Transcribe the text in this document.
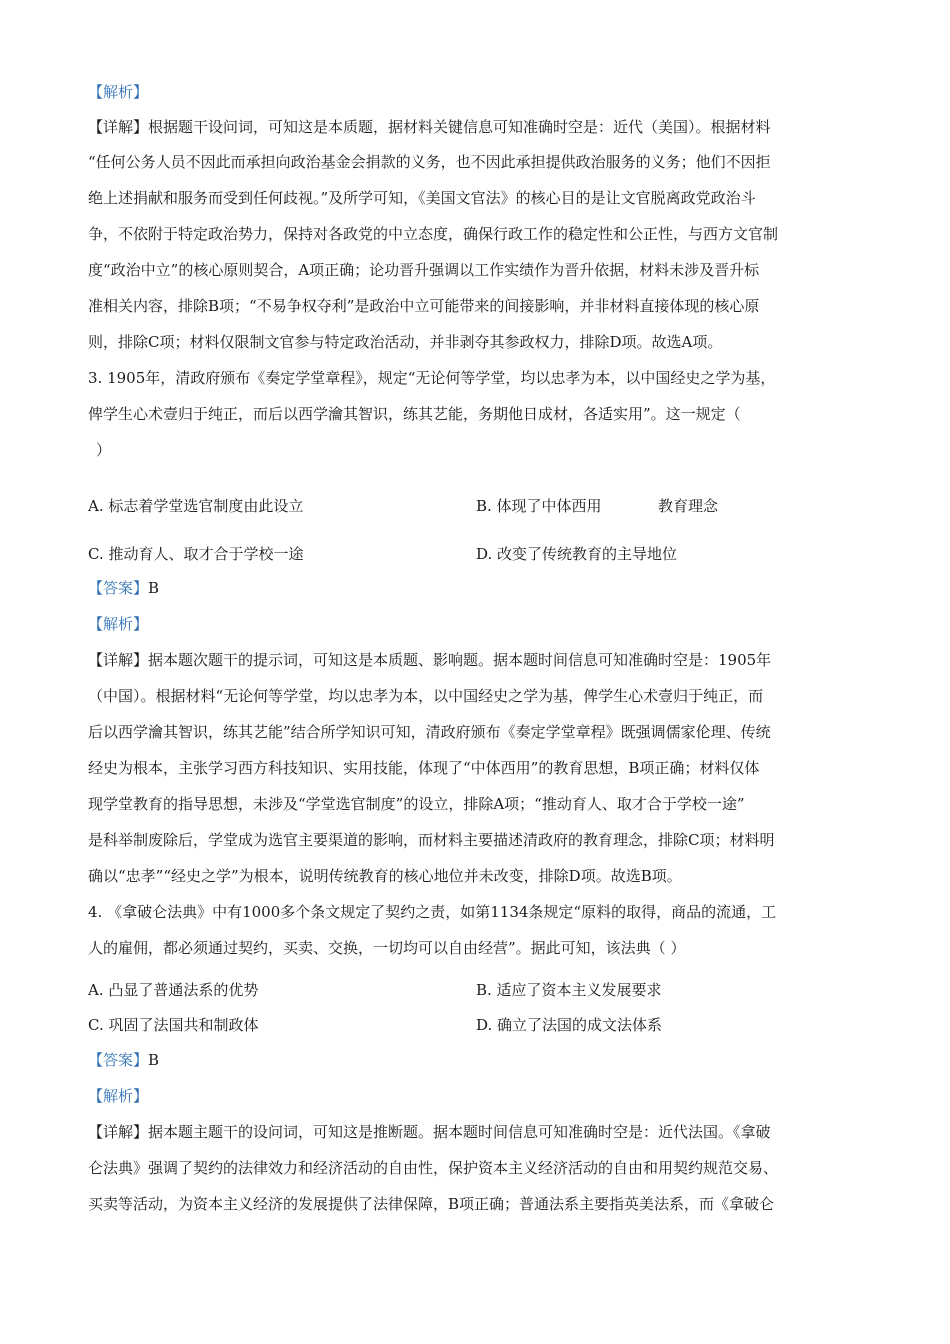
【解析】
【详解】根据题干设问词，可知这是本质题，据材料关键信息可知准确时空是：近代（美国）。根据材料
“任何公务人员不因此而承担向政治基金会捐款的义务，也不因此承担提供政治服务的义务；他们不因拒
绝上述捐献和服务而受到任何歧视。”及所学可知，《美国文官法》的核心目的是让文官脱离政党政治斗
争，不依附于特定政治势力，保持对各政党的中立态度，确保行政工作的稳定性和公正性，与西方文官制
度“政治中立”的核心原则契合，A项正确；论功晋升强调以工作实绩作为晋升依据，材料未涉及晋升标
准相关内容，排除B项；“不易争权夺利”是政治中立可能带来的间接影响，并非材料直接体现的核心原
则，排除C项；材料仅限制文官参与特定政治活动，并非剥夺其参政权力，排除D项。故选A项。
3. 1905年，清政府颁布《奏定学堂章程》，规定“无论何等学堂，均以忠孝为本，以中国经史之学为基，
俾学生心术壹归于纯正，而后以西学瀹其智识，练其艺能，务期他日成材，各适实用”。这一规定（
）
A. 标志着学堂选官制度由此设立	B. 体现了中体西用	教育理念
C. 推动育人、取才合于学校一途	D. 改变了传统教育的主导地位
【答案】B
【解析】
【详解】据本题次题干的提示词，可知这是本质题、影响题。据本题时间信息可知准确时空是：1905年
（中国）。根据材料“无论何等学堂，均以忠孝为本，以中国经史之学为基，俾学生心术壹归于纯正，而
后以西学瀹其智识，练其艺能”结合所学知识可知，清政府颁布《奏定学堂章程》既强调儒家伦理、传统
经史为根本，主张学习西方科技知识、实用技能，体现了“中体西用”的教育思想，B项正确；材料仅体
现学堂教育的指导思想，未涉及“学堂选官制度”的设立，排除A项；“推动育人、取才合于学校一途”
是科举制废除后，学堂成为选官主要渠道的影响，而材料主要描述清政府的教育理念，排除C项；材料明
确以“忠孝”“经史之学”为根本，说明传统教育的核心地位并未改变，排除D项。故选B项。
4. 《拿破仑法典》中有1000多个条文规定了契约之责，如第1134条规定“原料的取得，商品的流通，工
人的雇佣，都必须通过契约，买卖、交换，一切均可以自由经营”。据此可知，该法典（ ）
A. 凸显了普通法系的优势	B. 适应了资本主义发展要求
C. 巩固了法国共和制政体	D. 确立了法国的成文法体系
【答案】B
【解析】
【详解】据本题主题干的设问词，可知这是推断题。据本题时间信息可知准确时空是：近代法国。《拿破
仑法典》强调了契约的法律效力和经济活动的自由性，保护资本主义经济活动的自由和用契约规范交易、
买卖等活动，为资本主义经济的发展提供了法律保障，B项正确；普通法系主要指英美法系，而《拿破仑
